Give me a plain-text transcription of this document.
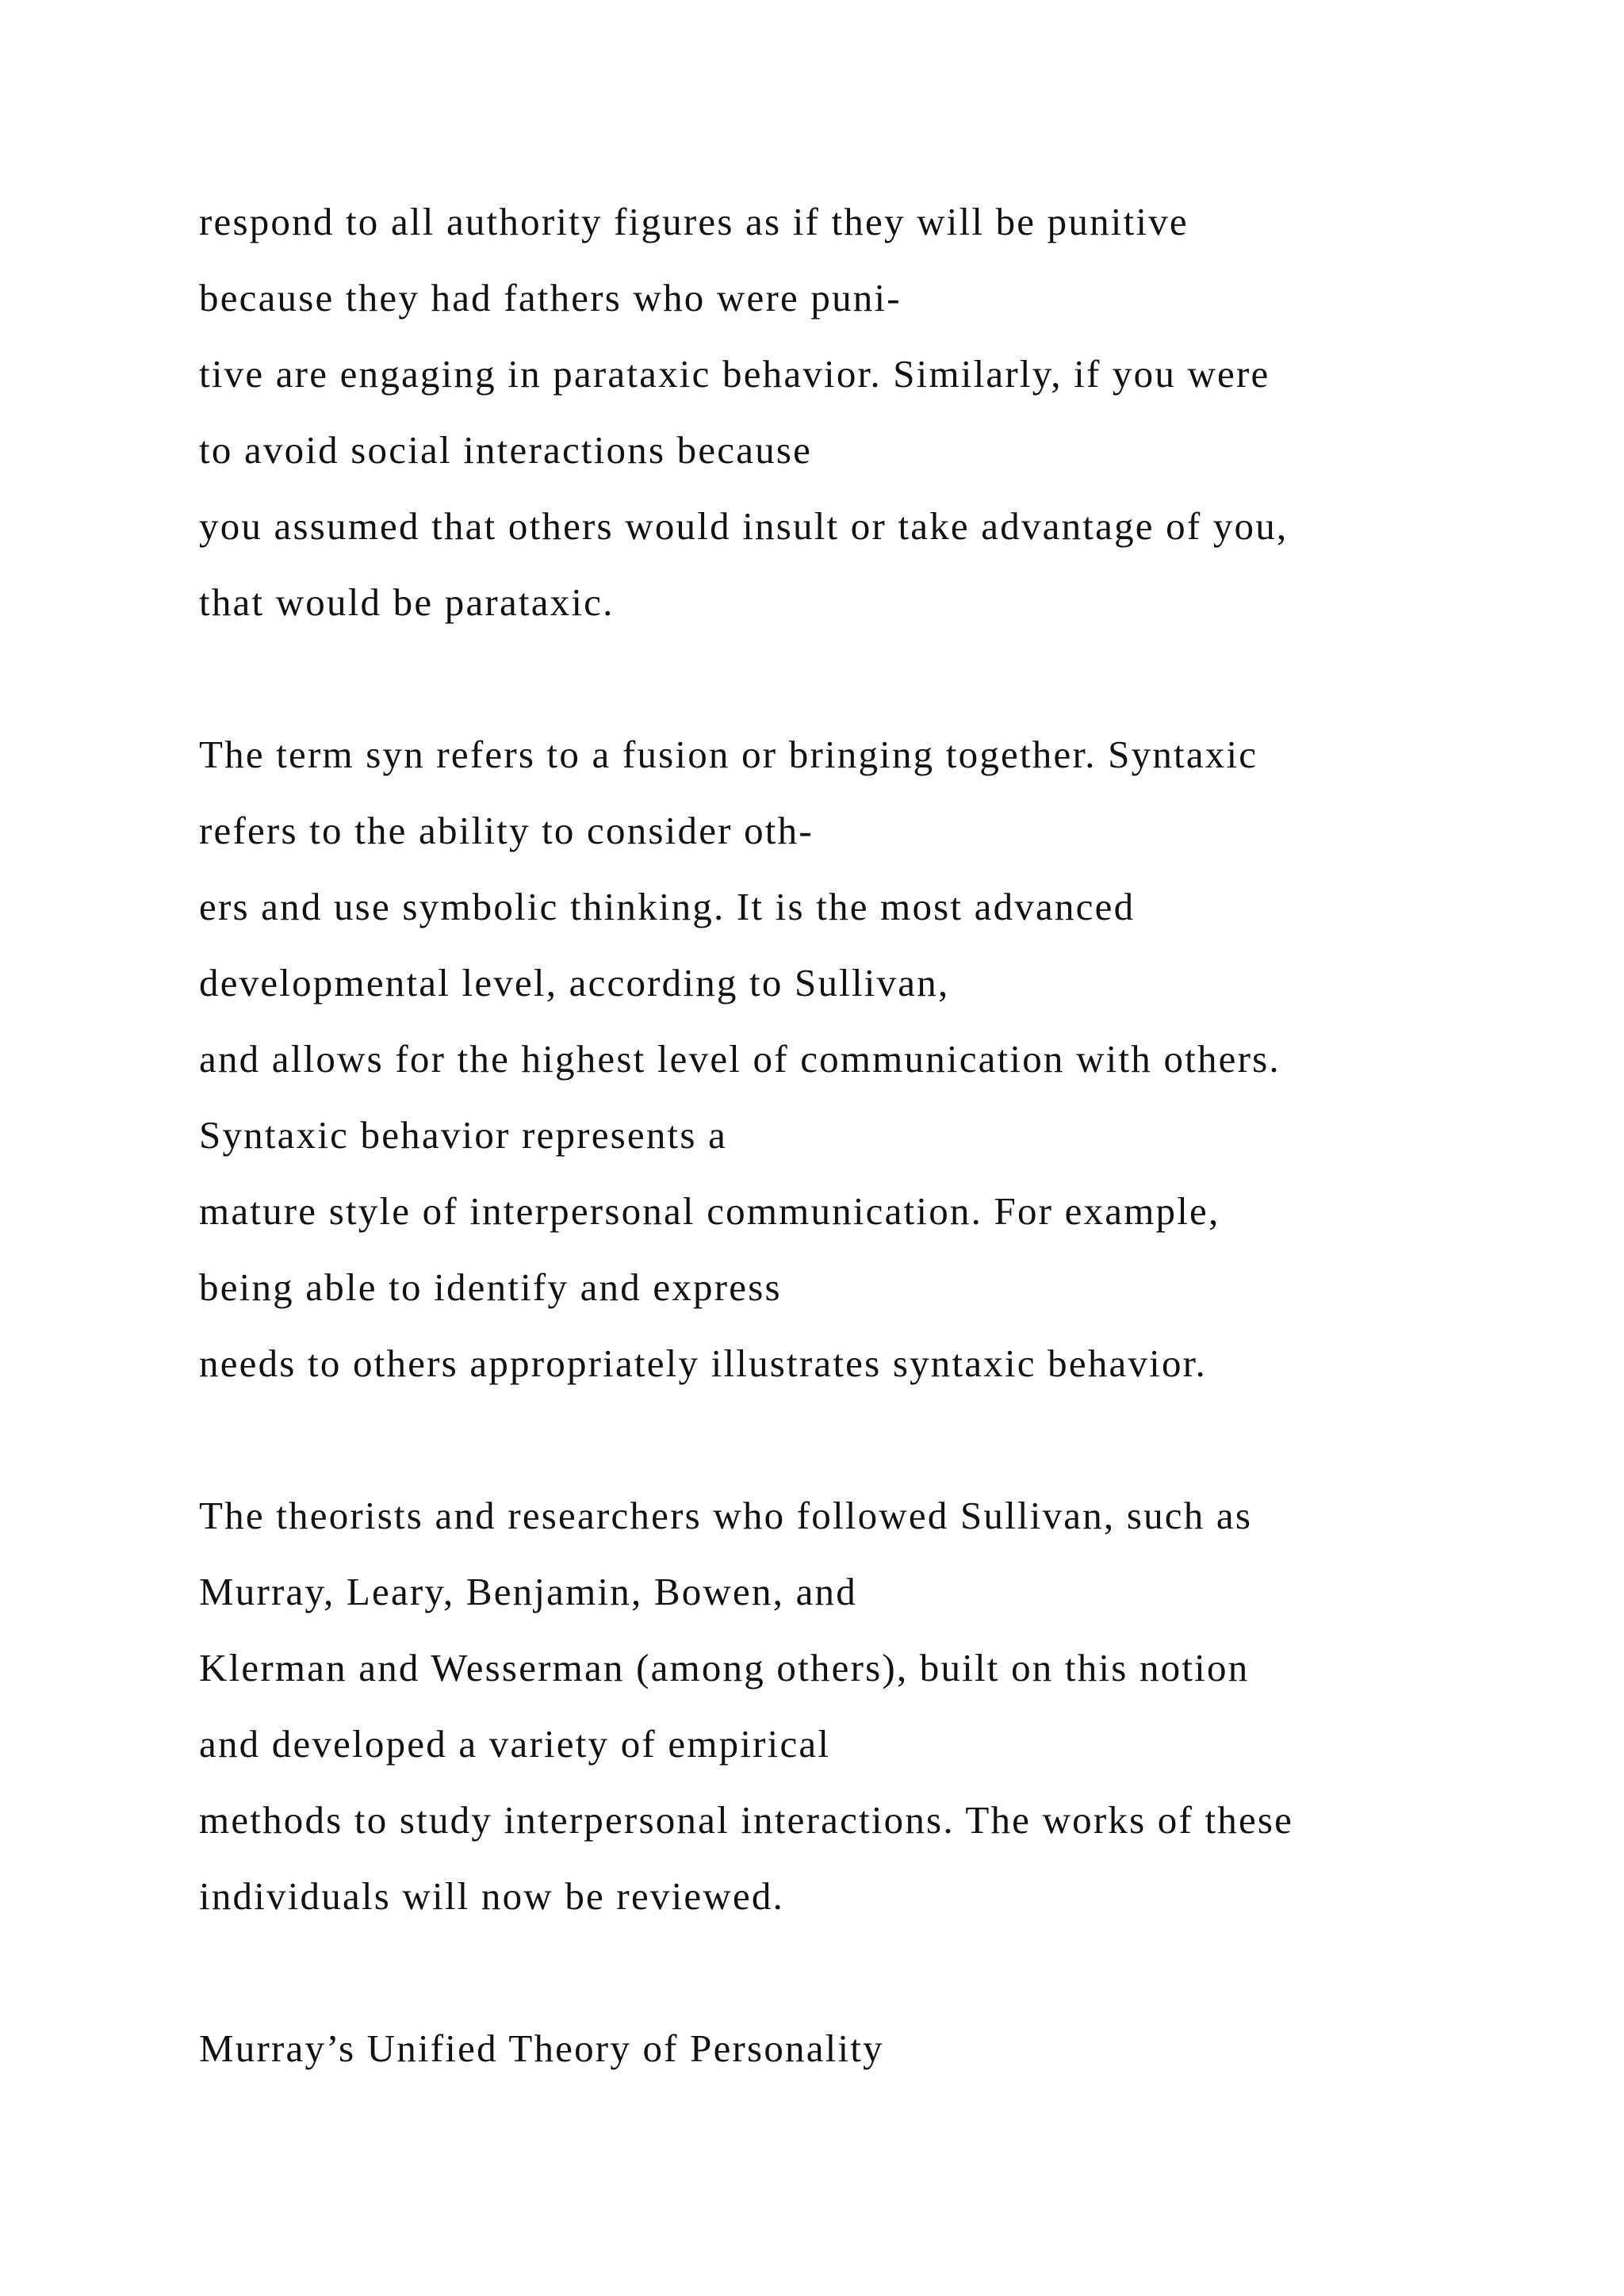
respond to all authority figures as if they will be punitive
because they had fathers who were puni-
tive are engaging in parataxic behavior. Similarly, if you were
to avoid social interactions because
you assumed that others would insult or take advantage of you,
that would be parataxic.
The term syn refers to a fusion or bringing together. Syntaxic
refers to the ability to consider oth-
ers and use symbolic thinking. It is the most advanced
developmental level, according to Sullivan,
and allows for the highest level of communication with others.
Syntaxic behavior represents a
mature style of interpersonal communication. For example,
being able to identify and express
needs to others appropriately illustrates syntaxic behavior.
The theorists and researchers who followed Sullivan, such as
Murray, Leary, Benjamin, Bowen, and
Klerman and Wesserman (among others), built on this notion
and developed a variety of empirical
methods to study interpersonal interactions. The works of these
individuals will now be reviewed.
Murray’s Unified Theory of Personality
